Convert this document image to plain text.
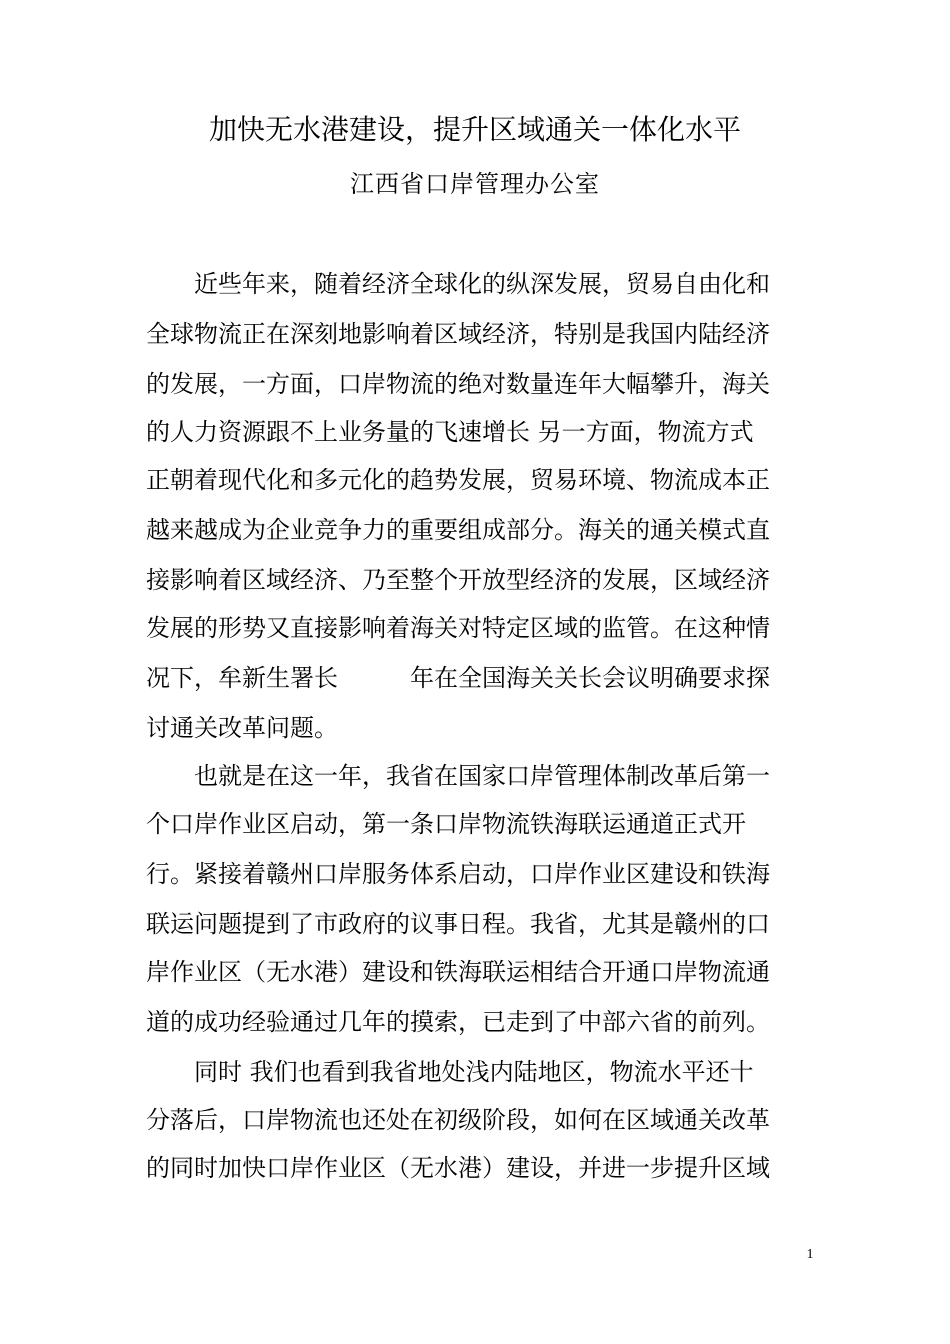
加快无水港建设，提升区域通关一体化水平
江西省口岸管理办公室
　　近些年来，随着经济全球化的纵深发展，贸易自由化和
全球物流正在深刻地影响着区域经济，特别是我国内陆经济
的发展，一方面，口岸物流的绝对数量连年大幅攀升，海关
的人力资源跟不上业务量的飞速增长 另一方面，物流方式
正朝着现代化和多元化的趋势发展，贸易环境、物流成本正
越来越成为企业竞争力的重要组成部分。海关的通关模式直
接影响着区域经济、乃至整个开放型经济的发展，区域经济
发展的形势又直接影响着海关对特定区域的监管。在这种情
况下，牟新生署长　　　年在全国海关关长会议明确要求探
讨通关改革问题。
　　也就是在这一年，我省在国家口岸管理体制改革后第一
个口岸作业区启动，第一条口岸物流铁海联运通道正式开
行。紧接着赣州口岸服务体系启动，口岸作业区建设和铁海
联运问题提到了市政府的议事日程。我省，尤其是赣州的口
岸作业区（无水港）建设和铁海联运相结合开通口岸物流通
道的成功经验通过几年的摸索，已走到了中部六省的前列。
　　同时 我们也看到我省地处浅内陆地区，物流水平还十
分落后，口岸物流也还处在初级阶段，如何在区域通关改革
的同时加快口岸作业区（无水港）建设，并进一步提升区域
1
